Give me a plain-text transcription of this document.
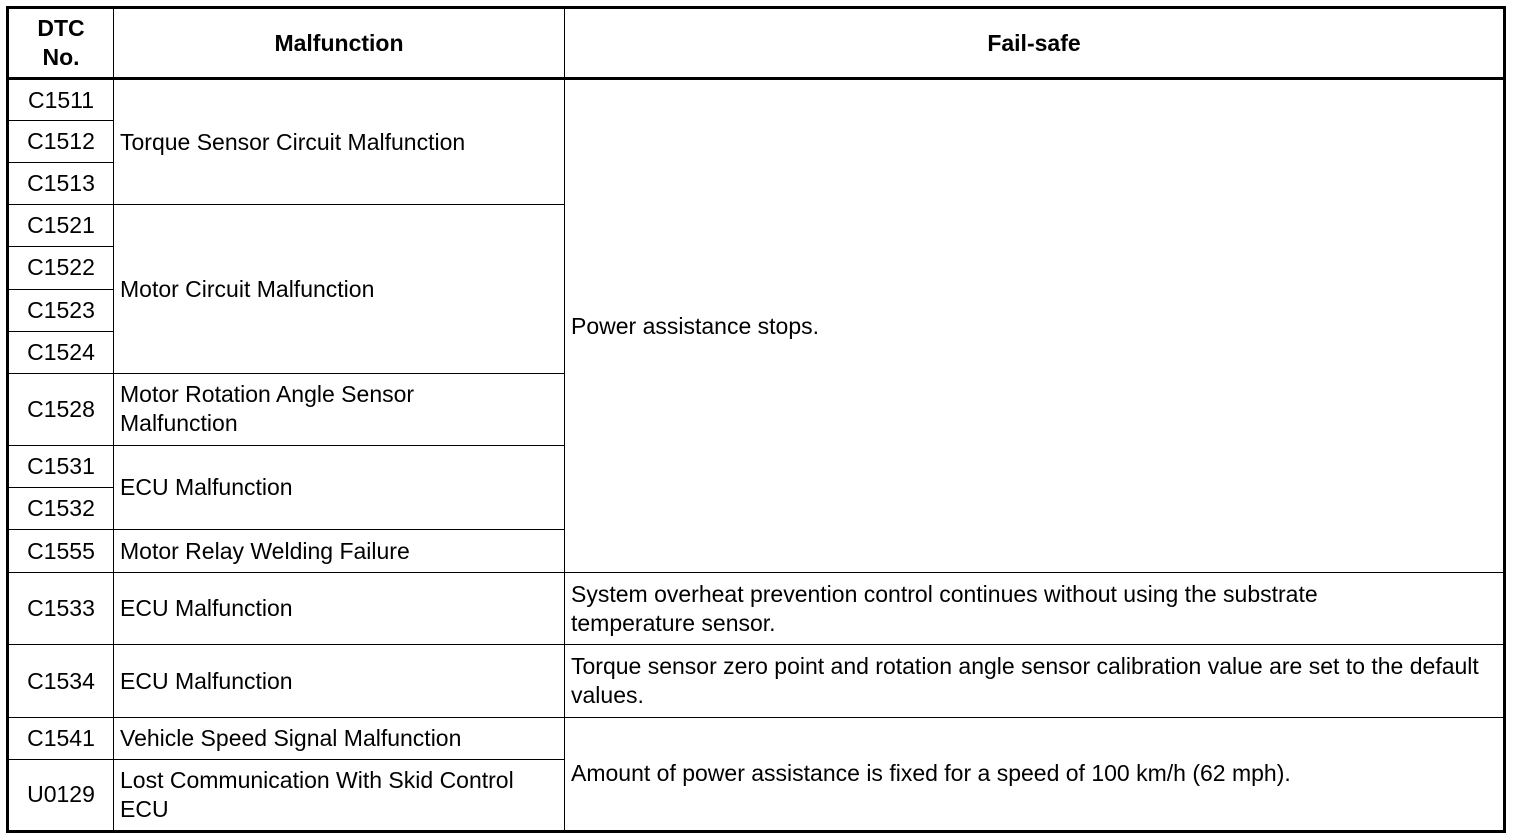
DTC No.	Malfunction	Fail-safe
C1511	Torque Sensor Circuit Malfunction	Power assistance stops.
C1512		
C1513		
C1521	Motor Circuit Malfunction	
C1522		
C1523		
C1524		
C1528	Motor Rotation Angle Sensor Malfunction	
C1531	ECU Malfunction	
C1532		
C1555	Motor Relay Welding Failure	
C1533	ECU Malfunction	System overheat prevention control continues without using the substrate temperature sensor.
C1534	ECU Malfunction	Torque sensor zero point and rotation angle sensor calibration value are set to the default values.
C1541	Vehicle Speed Signal Malfunction	Amount of power assistance is fixed for a speed of 100 km/h (62 mph).
U0129	Lost Communication With Skid Control ECU	
